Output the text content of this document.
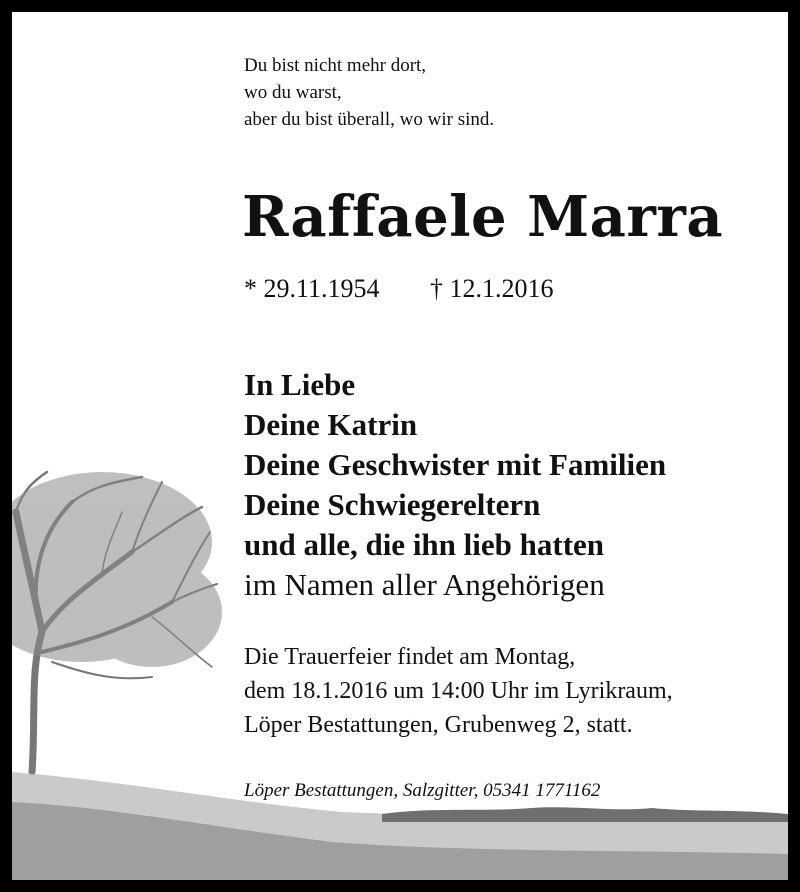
Du bist nicht mehr dort,
wo du warst,
aber du bist überall, wo wir sind.
Raffaele Marra
* 29.11.1954 † 12.1.2016
In Liebe
Deine Katrin
Deine Geschwister mit Familien
Deine Schwiegereltern
und alle, die ihn lieb hatten
im Namen aller Angehörigen
Die Trauerfeier findet am Montag,
dem 18.1.2016 um 14:00 Uhr im Lyrikraum,
Löper Bestattungen, Grubenweg 2, statt.
Löper Bestattungen, Salzgitter, 05341 1771162
